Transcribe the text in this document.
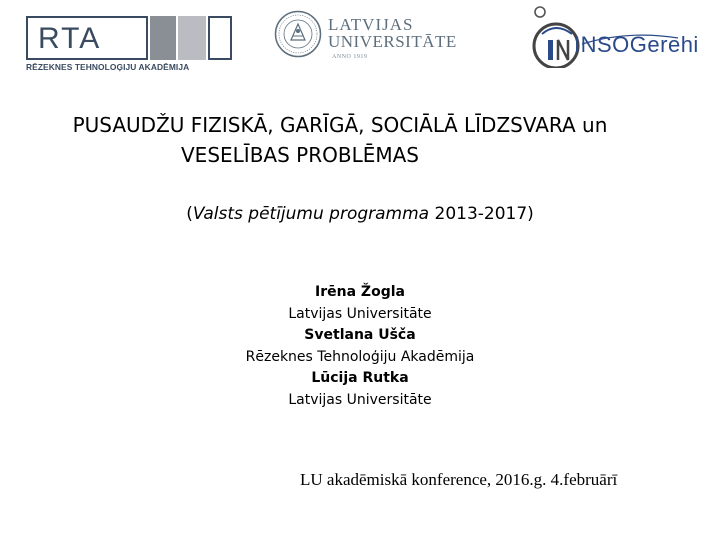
RTA
RĒZEKNES TEHNOLOĢIJU AKADĒMIJA
LATVIJAS
UNIVERSITĀTE
ANNO 1919	INSOGerehi
PUSAUDŽU FIZISKĀ, GARĪGĀ, SOCIĀLĀ LĪDZSVARA un
VESELĪBAS PROBLĒMAS
(Valsts pētījumu programma 2013-2017)
Irēna Žogla
Latvijas Universitāte
Svetlana Ušča
Rēzeknes Tehnoloģiju Akadēmija
Lūcija Rutka
Latvijas Universitāte
LU akadēmiskā konference, 2016.g. 4.februārī
